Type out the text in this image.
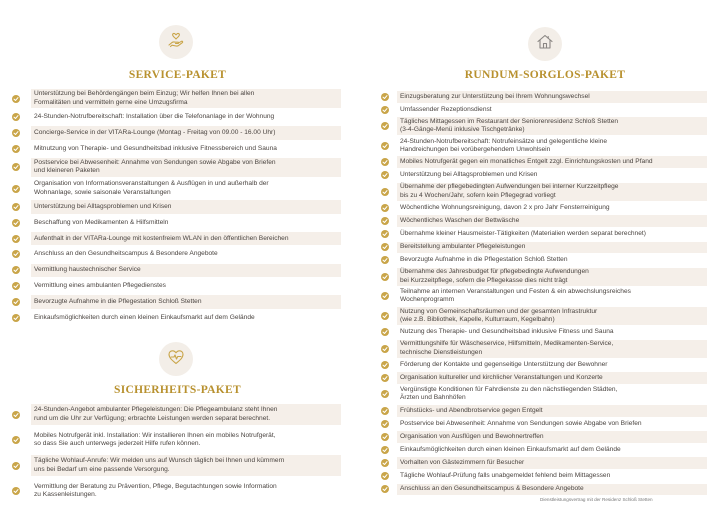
SERVICE-PAKET	RUNDUM-SORGLOS-PAKET
SICHERHEITS-PAKET
Unterstützung bei Behördengängen beim Einzug; Wir helfen Ihnen bei allen
Formalitäten und vermitteln gerne eine Umzugsfirma
24-Stunden-Notrufbereitschaft: Installation über die Telefonanlage in der Wohnung
Concierge-Service in der VITARa-Lounge (Montag - Freitag von 09.00 - 16.00 Uhr)
Mitnutzung von Therapie- und Gesundheitsbad inklusive Fitnessbereich und Sauna
Postservice bei Abwesenheit: Annahme von Sendungen sowie Abgabe von Briefen
und kleineren Paketen
Organisation von Informationsveranstaltungen & Ausflügen in und außerhalb der
Wohnanlage, sowie saisonale Veranstaltungen
Unterstützung bei Alltagsproblemen und Krisen
Beschaffung von Medikamenten & Hilfsmitteln
Aufenthalt in der VITARa-Lounge mit kostenfreiem WLAN in den öffentlichen Bereichen
Anschluss an den Gesundheitscampus & Besondere Angebote
Vermittlung haustechnischer Service
Vermittlung eines ambulanten Pflegedienstes
Bevorzugte Aufnahme in die Pflegestation Schloß Stetten
Einkaufsmöglichkeiten durch einen kleinen Einkaufsmarkt auf dem Gelände
24-Stunden-Angebot ambulanter Pflegeleistungen: Die Pflegeambulanz steht Ihnen
rund um die Uhr zur Verfügung; erbrachte Leistungen werden separat berechnet.
Mobiles Notrufgerät inkl. Installation: Wir installieren Ihnen ein mobiles Notrufgerät,
so dass Sie auch unterwegs jederzeit Hilfe rufen können.
Tägliche Wohlauf-Anrufe: Wir melden uns auf Wunsch täglich bei Ihnen und kümmern
uns bei Bedarf um eine passende Versorgung.
Vermittlung der Beratung zu Prävention, Pflege, Begutachtungen sowie Information
zu Kassenleistungen.
Einzugsberatung zur Unterstützung bei Ihrem Wohnungswechsel
Umfassender Rezeptionsdienst
Tägliches Mittagessen im Restaurant der Seniorenresidenz Schloß Stetten
(3-4-Gänge-Menü inklusive Tischgetränke)
24-Stunden-Notrufbereitschaft: Notrufeinsätze und gelegentliche kleine
Handreichungen bei vorübergehendem Unwohlsein
Mobiles Notrufgerät gegen ein monatliches Entgelt zzgl. Einrichtungskosten und Pfand
Unterstützung bei Alltagsproblemen und Krisen
Übernahme der pflegebedingten Aufwendungen bei interner Kurzzeitpflege
bis zu 4 Wochen/Jahr, sofern kein Pflegegrad vorliegt
Wöchentliche Wohnungsreinigung, davon 2 x pro Jahr Fensterreinigung
Wöchentliches Waschen der Bettwäsche
Übernahme kleiner Hausmeister-Tätigkeiten (Materialien werden separat berechnet)
Bereitstellung ambulanter Pflegeleistungen
Bevorzugte Aufnahme in die Pflegestation Schloß Stetten
Übernahme des Jahresbudget für pflegebedingte Aufwendungen
bei Kurzzeitpflege, sofern die Pflegekasse dies nicht trägt
Teilnahme an internen Veranstaltungen und Festen & ein abwechslungsreiches
Wochenprogramm
Nutzung von Gemeinschaftsräumen und der gesamten Infrastruktur
(wie z.B. Bibliothek, Kapelle, Kulturraum, Kegelbahn)
Nutzung des Therapie- und Gesundheitsbad inklusive Fitness und Sauna
Vermittlungshilfe für Wäscheservice, Hilfsmitteln, Medikamenten-Service,
technische Dienstleistungen
Förderung der Kontakte und gegenseitige Unterstützung der Bewohner
Organisation kultureller und kirchlicher Veranstaltungen und Konzerte
Vergünstigte Konditionen für Fahrdienste zu den nächstliegenden Städten,
Ärzten und Bahnhöfen
Frühstücks- und Abendbrotservice gegen Entgelt
Postservice bei Abwesenheit: Annahme von Sendungen sowie Abgabe von Briefen
Organisation von Ausflügen und Bewohnertreffen
Einkaufsmöglichkeiten durch einen kleinen Einkaufsmarkt auf dem Gelände
Vorhalten von Gästezimmern für Besucher
Tägliche Wohlauf-Prüfung falls unabgemeldet fehlend beim Mittagessen
Anschluss an den Gesundheitscampus & Besondere Angebote
Dienstleistungsvertrag mit der Residenz Schloß Stetten
